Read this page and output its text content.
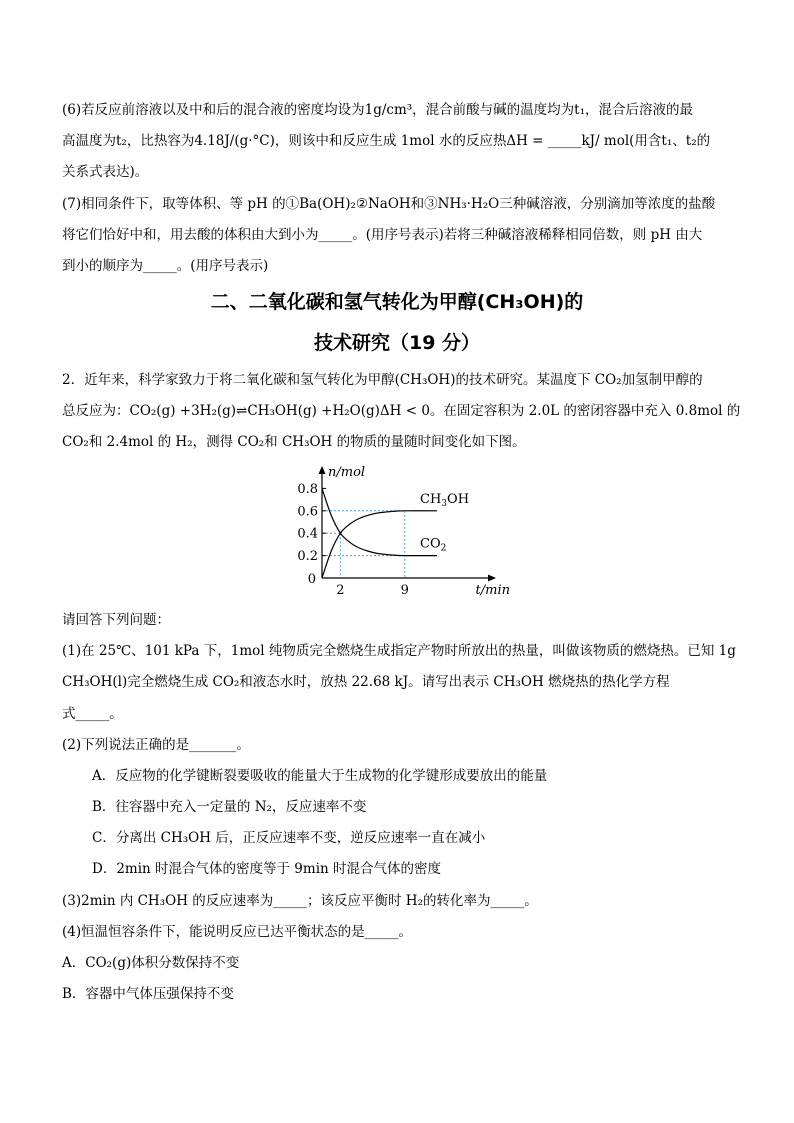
(6)若反应前溶液以及中和后的混合液的密度均设为1g/cm³，混合前酸与碱的温度均为t₁，混合后溶液的最
高温度为t₂，比热容为4.18J/(g·°C)，则该中和反应生成 1mol 水的反应热ΔH = _____kJ/ mol(用含t₁、t₂的
关系式表达)。
(7)相同条件下，取等体积、等 pH 的①Ba(OH)₂②NaOH和③NH₃·H₂O三种碱溶液，分别滴加等浓度的盐酸
将它们恰好中和，用去酸的体积由大到小为_____。(用序号表示)若将三种碱溶液稀释相同倍数，则 pH 由大
到小的顺序为_____。(用序号表示)
二、二氧化碳和氢气转化为甲醇(CH₃OH)的
技术研究（19 分）
2．近年来，科学家致力于将二氧化碳和氢气转化为甲醇(CH₃OH)的技术研究。某温度下 CO₂加氢制甲醇的
总反应为：CO₂(g) +3H₂(g)⇌CH₃OH(g) +H₂O(g)ΔH < 0。在固定容积为 2.0L 的密闭容器中充入 0.8mol 的
CO₂和 2.4mol 的 H₂，测得 CO₂和 CH₃OH 的物质的量随时间变化如下图。
n/mol
t/min
0.8
0.6
0.4
0.2
0
2	9
$CH_3OH$
$CO_2$
请回答下列问题：
(1)在 25℃、101 kPa 下，1mol 纯物质完全燃烧生成指定产物时所放出的热量，叫做该物质的燃烧热。已知 1g
CH₃OH(l)完全燃烧生成 CO₂和液态水时，放热 22.68 kJ。请写出表示 CH₃OH 燃烧热的热化学方程
式_____。
(2)下列说法正确的是_______。
A．反应物的化学键断裂要吸收的能量大于生成物的化学键形成要放出的能量
B．往容器中充入一定量的 N₂，反应速率不变
C．分离出 CH₃OH 后，正反应速率不变，逆反应速率一直在减小
D．2min 时混合气体的密度等于 9min 时混合气体的密度
(3)2min 内 CH₃OH 的反应速率为_____；该反应平衡时 H₂的转化率为_____。
(4)恒温恒容条件下，能说明反应已达平衡状态的是_____。
A．CO₂(g)体积分数保持不变
B．容器中气体压强保持不变
